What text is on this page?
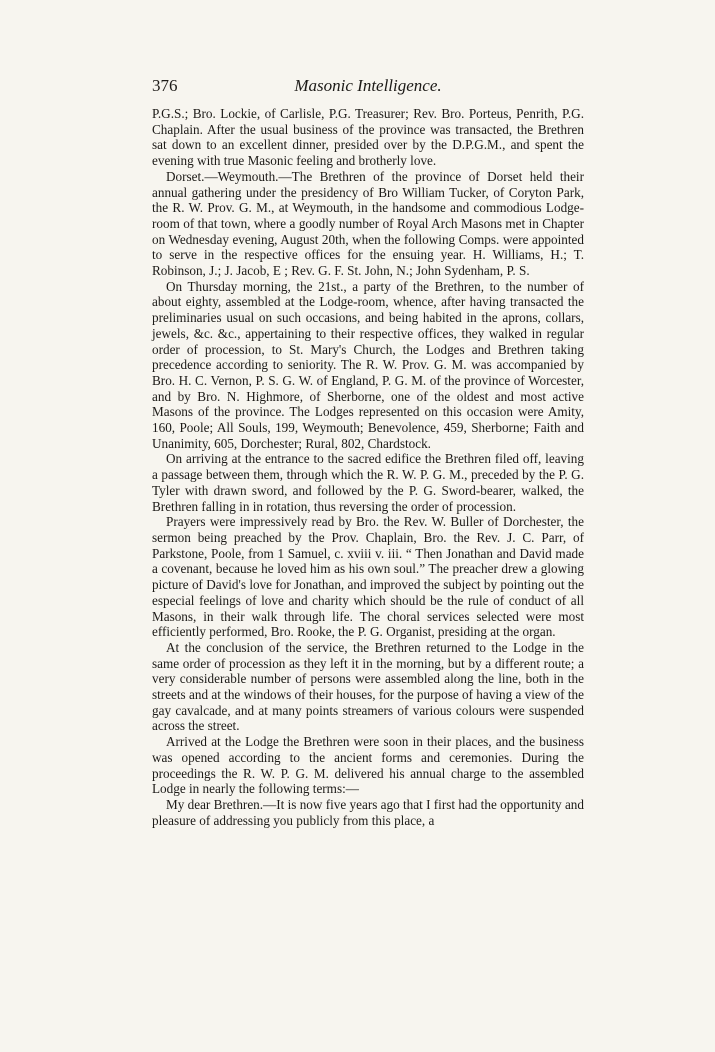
376	Masonic Intelligence.

P.G.S.; Bro. Lockie, of Carlisle, P.G. Treasurer; Rev. Bro. Porteus, Penrith, P.G. Chaplain. After the usual business of the province was transacted, the Brethren sat down to an excellent dinner, presided over by the D.P.G.M., and spent the evening with true Masonic feeling and brotherly love.

Dorset.—Weymouth.—The Brethren of the province of Dorset held their annual gathering under the presidency of Bro William Tucker, of Coryton Park, the R. W. Prov. G. M., at Weymouth, in the handsome and commodious Lodge-room of that town, where a goodly number of Royal Arch Masons met in Chapter on Wednesday evening, August 20th, when the following Comps. were appointed to serve in the respective offices for the ensuing year. H. Williams, H.; T. Robinson, J.; J. Jacob, E ; Rev. G. F. St. John, N.; John Sydenham, P. S.

On Thursday morning, the 21st., a party of the Brethren, to the number of about eighty, assembled at the Lodge-room, whence, after having transacted the preliminaries usual on such occasions, and being habited in the aprons, collars, jewels, &c. &c., appertaining to their respective offices, they walked in regular order of procession, to St. Mary's Church, the Lodges and Brethren taking precedence according to seniority. The R. W. Prov. G. M. was accompanied by Bro. H. C. Vernon, P. S. G. W. of England, P. G. M. of the province of Worcester, and by Bro. N. Highmore, of Sherborne, one of the oldest and most active Masons of the province. The Lodges represented on this occasion were Amity, 160, Poole; All Souls, 199, Weymouth; Benevolence, 459, Sherborne; Faith and Unanimity, 605, Dorchester; Rural, 802, Chardstock.

On arriving at the entrance to the sacred edifice the Brethren filed off, leaving a passage between them, through which the R. W. P. G. M., preceded by the P. G. Tyler with drawn sword, and followed by the P. G. Sword-bearer, walked, the Brethren falling in in rotation, thus reversing the order of procession.

Prayers were impressively read by Bro. the Rev. W. Buller of Dorchester, the sermon being preached by the Prov. Chaplain, Bro. the Rev. J. C. Parr, of Parkstone, Poole, from 1 Samuel, c. xviii v. iii. “ Then Jonathan and David made a covenant, because he loved him as his own soul.” The preacher drew a glowing picture of David's love for Jonathan, and improved the subject by pointing out the especial feelings of love and charity which should be the rule of conduct of all Masons, in their walk through life. The choral services selected were most efficiently performed, Bro. Rooke, the P. G. Organist, presiding at the organ.

At the conclusion of the service, the Brethren returned to the Lodge in the same order of procession as they left it in the morning, but by a different route; a very considerable number of persons were assembled along the line, both in the streets and at the windows of their houses, for the purpose of having a view of the gay cavalcade, and at many points streamers of various colours were suspended across the street.

Arrived at the Lodge the Brethren were soon in their places, and the business was opened according to the ancient forms and ceremonies. During the proceedings the R. W. P. G. M. delivered his annual charge to the assembled Lodge in nearly the following terms:—

My dear Brethren.—It is now five years ago that I first had the opportunity and pleasure of addressing you publicly from this place, a
